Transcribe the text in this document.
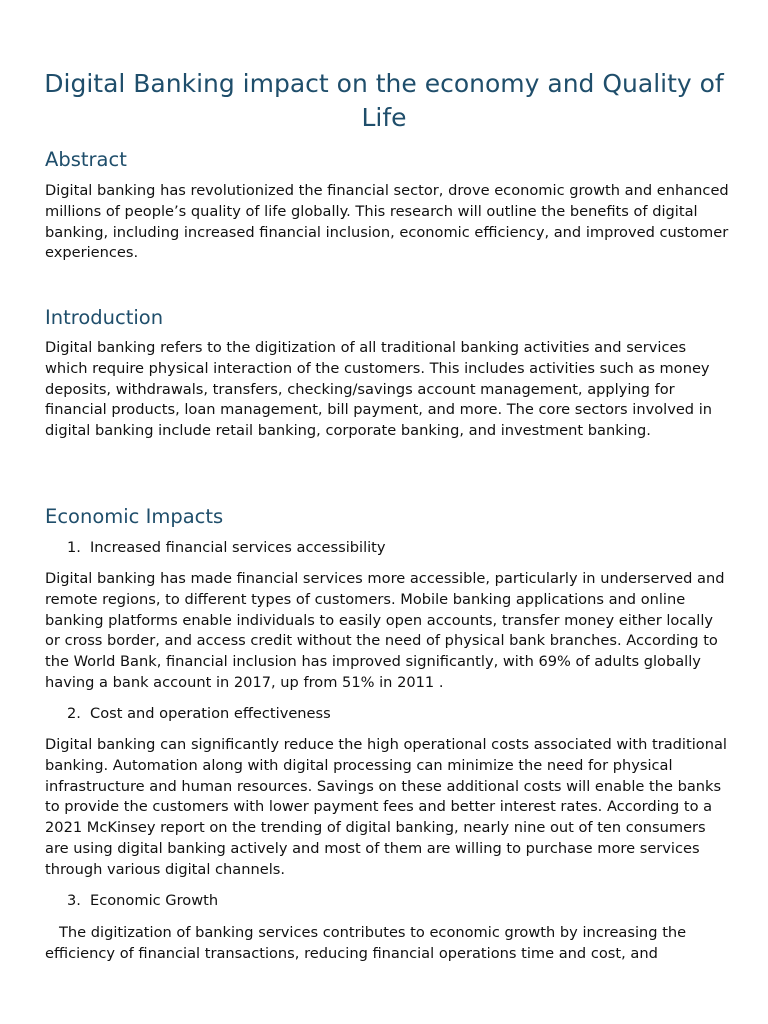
Digital Banking impact on the economy and Quality of Life
Abstract

Digital banking has revolutionized the financial sector, drove economic growth and enhanced millions of people’s quality of life globally. This research will outline the benefits of digital banking, including increased financial inclusion, economic efficiency, and improved customer experiences.

Introduction

Digital banking refers to the digitization of all traditional banking activities and services which require physical interaction of the customers. This includes activities such as money deposits, withdrawals, transfers, checking/savings account management, applying for financial products, loan management, bill payment, and more. The core sectors involved in digital banking include retail banking, corporate banking, and investment banking.

Economic Impacts
1. Increased financial services accessibility

Digital banking has made financial services more accessible, particularly in underserved and remote regions, to different types of customers. Mobile banking applications and online banking platforms enable individuals to easily open accounts, transfer money either locally or cross border, and access credit without the need of physical bank branches. According to the World Bank, financial inclusion has improved significantly, with 69% of adults globally having a bank account in 2017, up from 51% in 2011 .

2. Cost and operation effectiveness

Digital banking can significantly reduce the high operational costs associated with traditional banking. Automation along with digital processing can minimize the need for physical infrastructure and human resources. Savings on these additional costs will enable the banks to provide the customers with lower payment fees and better interest rates. According to a 2021 McKinsey report on the trending of digital banking, nearly nine out of ten consumers are using digital banking actively and most of them are willing to purchase more services through various digital channels.

3. Economic Growth

The digitization of banking services contributes to economic growth by increasing the efficiency of financial transactions, reducing financial operations time and cost, and
